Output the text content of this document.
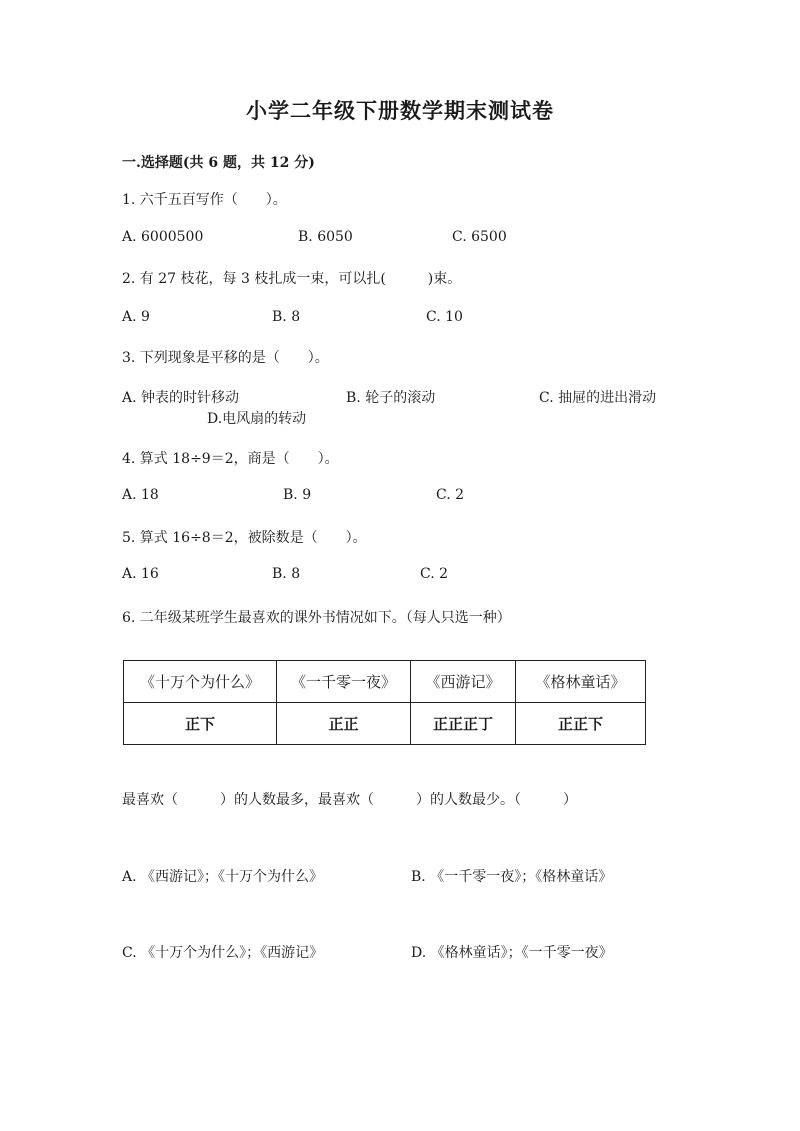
小学二年级下册数学期末测试卷
一.选择题(共 6 题，共 12 分)
1. 六千五百写作（　　）。
A. 6000500	B. 6050	C. 6500
2. 有 27 枝花，每 3 枝扎成一束，可以扎(　　　)束。
A. 9	B. 8	C. 10
3. 下列现象是平移的是（　　）。
A. 钟表的时针移动	B. 轮子的滚动	C. 抽屉的进出滑动
D.电风扇的转动
4. 算式 18÷9＝2，商是（　　）。
A. 18	B. 9	C. 2
5. 算式 16÷8＝2，被除数是（　　）。
A. 16	B. 8	C. 2
6. 二年级某班学生最喜欢的课外书情况如下。（每人只选一种）
《十万个为什么》	《一千零一夜》	《西游记》	《格林童话》
正下	正正	正正正丁	正正下
最喜欢（　　　）的人数最多，最喜欢（　　　）的人数最少。（　　　）
A. 《西游记》；《十万个为什么》	B. 《一千零一夜》；《格林童话》
C. 《十万个为什么》；《西游记》	D. 《格林童话》；《一千零一夜》
